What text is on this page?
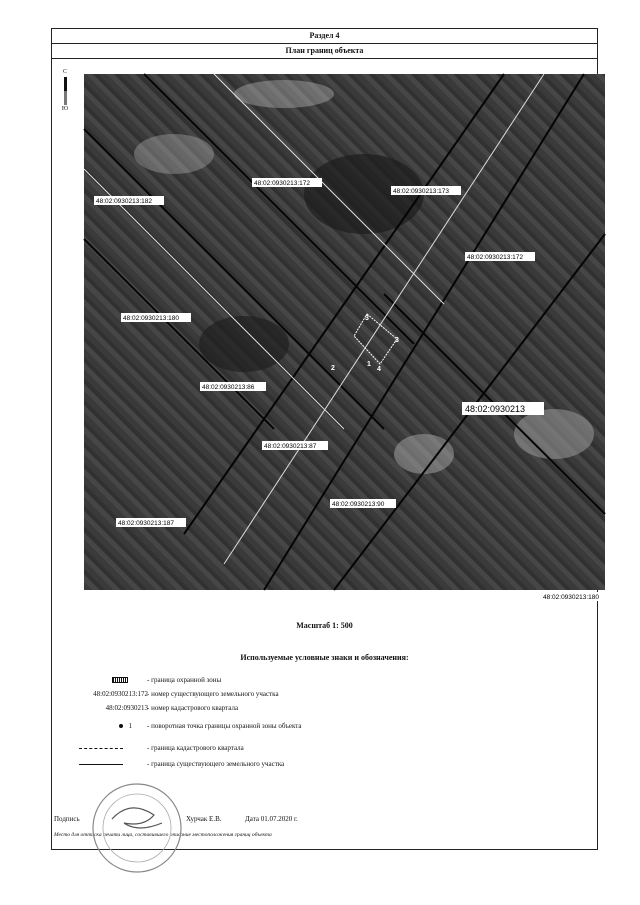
Раздел 4
План границ объекта
С
Ю
48:02:0930213:182
48:02:0930213:172
48:02:0930213:173
48:02:0930213:172
48:02:0930213:180
48:02:0930213:86
48:02:0930213:87
48:02:0930213:90
48:02:0930213:187
48:02:0930213:180
48:02:0930213
3
3
2
1
4
Масштаб 1: 500
Используемые условные знаки и обозначения:
- граница охранной зоны
48:02:0930213:172 - номер существующего земельного участка
48:02:0930213 - номер кадастрового квартала
1 - поворотная точка границы охранной зоны объекта
- граница кадастрового квартала
- граница существующего земельного участка
Подпись	Хурчак Е.В.	Дата 01.07.2020 г.
Место для оттиска печати лица, составившего описание местоположения границ объекта
